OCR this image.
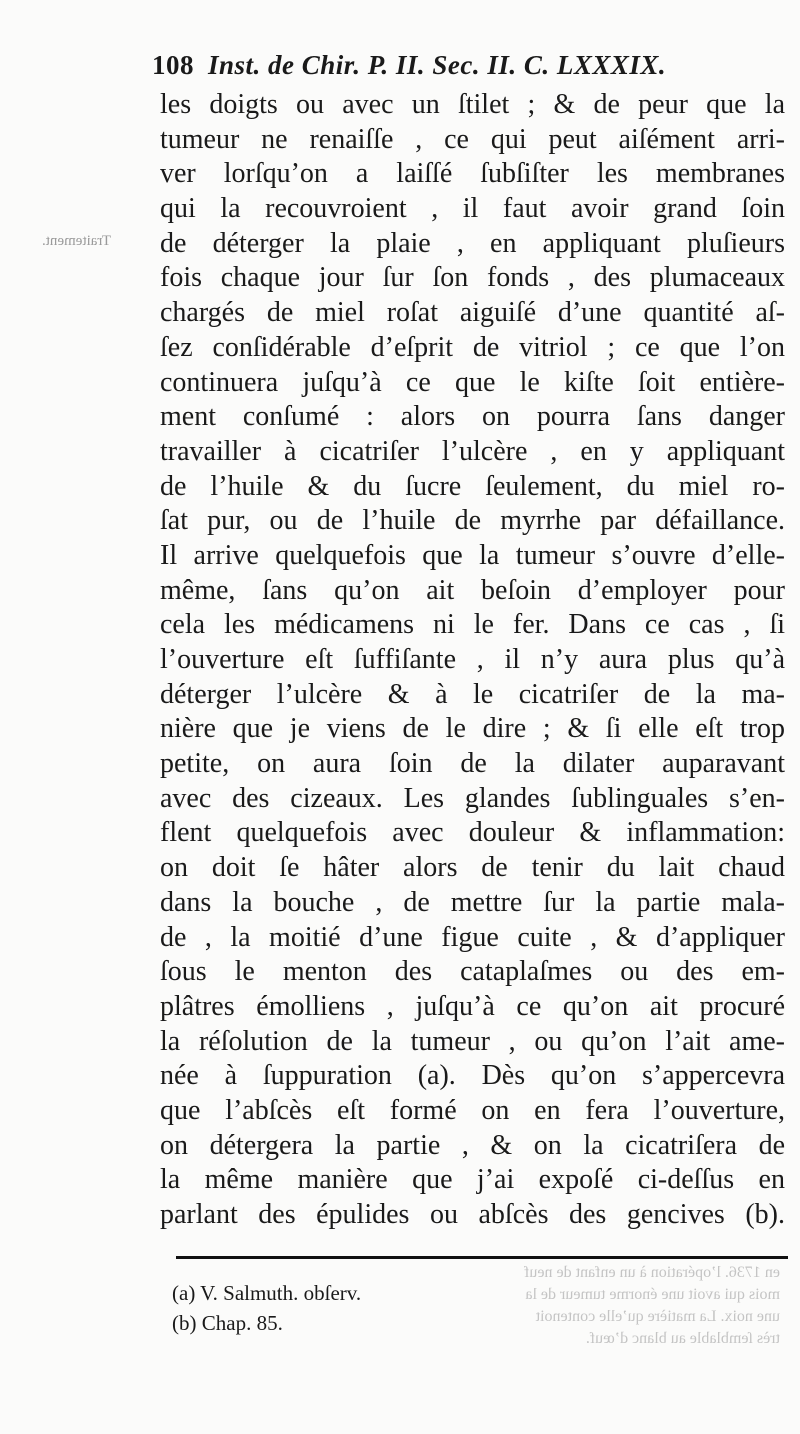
Traitement.
108 Inst. de Chir. P. II. Sec. II. C. LXXXIX.
les doigts ou avec un ſtilet ; & de peur que la
tumeur ne renaiſſe , ce qui peut aiſément arri-
ver lorſqu’on a laiſſé ſubſiſter les membranes
qui la recouvroient , il faut avoir grand ſoin
de déterger la plaie , en appliquant pluſieurs
fois chaque jour ſur ſon fonds , des plumaceaux
chargés de miel roſat aiguiſé d’une quantité aſ-
ſez conſidérable d’eſprit de vitriol ; ce que l’on
continuera juſqu’à ce que le kiſte ſoit entière-
ment conſumé : alors on pourra ſans danger
travailler à cicatriſer l’ulcère , en y appliquant
de l’huile & du ſucre ſeulement, du miel ro-
ſat pur, ou de l’huile de myrrhe par défaillance.
Il arrive quelquefois que la tumeur s’ouvre d’elle-
même, ſans qu’on ait beſoin d’employer pour
cela les médicamens ni le fer. Dans ce cas , ſi
l’ouverture eſt ſuffiſante , il n’y aura plus qu’à
déterger l’ulcère & à le cicatriſer de la ma-
nière que je viens de le dire ; & ſi elle eſt trop
petite, on aura ſoin de la dilater auparavant
avec des cizeaux. Les glandes ſublinguales s’en-
flent quelquefois avec douleur & inflammation:
on doit ſe hâter alors de tenir du lait chaud
dans la bouche , de mettre ſur la partie mala-
de , la moitié d’une figue cuite , & d’appliquer
ſous le menton des cataplaſmes ou des em-
plâtres émolliens , juſqu’à ce qu’on ait procuré
la réſolution de la tumeur , ou qu’on l’ait ame-
née à ſuppuration (a). Dès qu’on s’appercevra
que l’abſcès eſt formé on en fera l’ouverture,
on détergera la partie , & on la cicatriſera de
la même manière que j’ai expoſé ci-deſſus en
parlant des épulides ou abſcès des gencives (b).
en 1736. l’opération à un enfant de neuf
mois qui avoit une énorme tumeur de la
une noix. La matière qu’elle contenoit
très ſemblable au blanc d’œuf.
(a) V. Salmuth. obſerv.
(b) Chap. 85.
